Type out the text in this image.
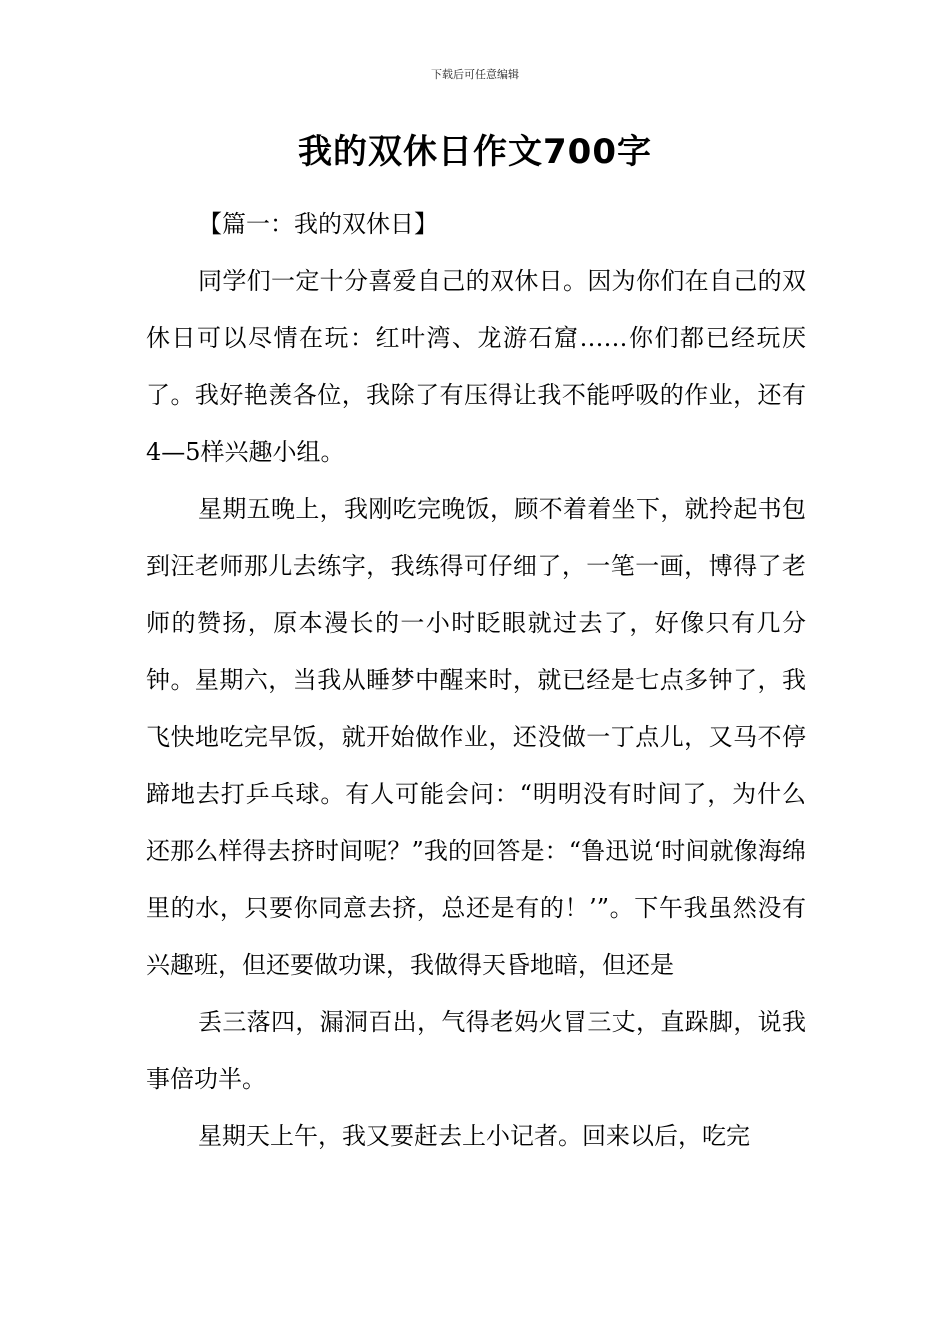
下载后可任意编辑
我的双休日作文700字

【篇一：我的双休日】

同学们一定十分喜爱自己的双休日。因为你们在自己的双休日可以尽情在玩：红叶湾、龙游石窟……你们都已经玩厌了。我好艳羡各位，我除了有压得让我不能呼吸的作业，还有4—5样兴趣小组。

星期五晚上，我刚吃完晚饭，顾不着着坐下，就拎起书包到汪老师那儿去练字，我练得可仔细了，一笔一画，博得了老师的赞扬，原本漫长的一小时眨眼就过去了，好像只有几分钟。星期六，当我从睡梦中醒来时，就已经是七点多钟了，我飞快地吃完早饭，就开始做作业，还没做一丁点儿，又马不停蹄地去打乒乓球。有人可能会问：“明明没有时间了，为什么还那么样得去挤时间呢？”我的回答是：“鲁迅说‘时间就像海绵里的水，只要你同意去挤，总还是有的！’”。下午我虽然没有兴趣班，但还要做功课，我做得天昏地暗，但还是

丢三落四，漏洞百出，气得老妈火冒三丈，直跺脚，说我事倍功半。

星期天上午，我又要赶去上小记者。回来以后，吃完
